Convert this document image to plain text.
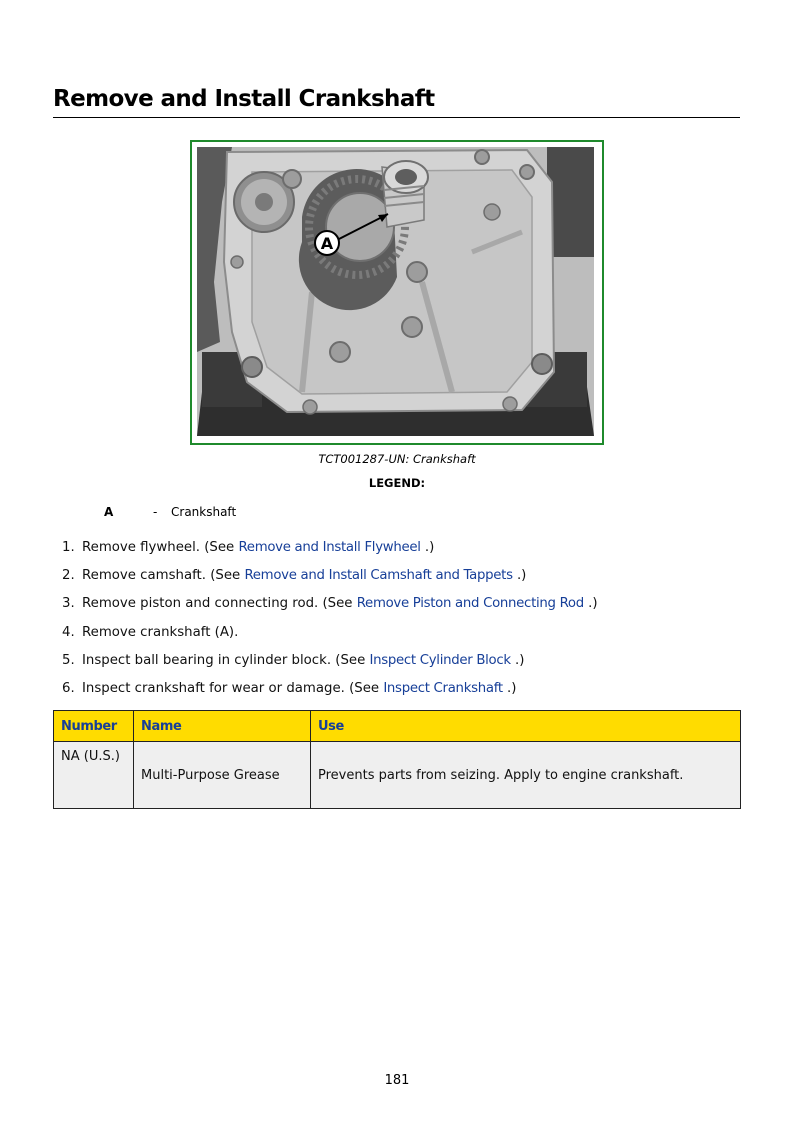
Remove and Install Crankshaft
A
TCT001287-UN: Crankshaft
LEGEND:
A	- Crankshaft
1. Remove flywheel. (See Remove and Install Flywheel .)
2. Remove camshaft. (See Remove and Install Camshaft and Tappets .)
3. Remove piston and connecting rod. (See Remove Piston and Connecting Rod .)
4. Remove crankshaft (A).
5. Inspect ball bearing in cylinder block. (See Inspect Cylinder Block .)
6. Inspect crankshaft for wear or damage. (See Inspect Crankshaft .)
Number	Name	Use
NA (U.S.)	Multi-Purpose Grease	Prevents parts from seizing. Apply to engine crankshaft.
181
